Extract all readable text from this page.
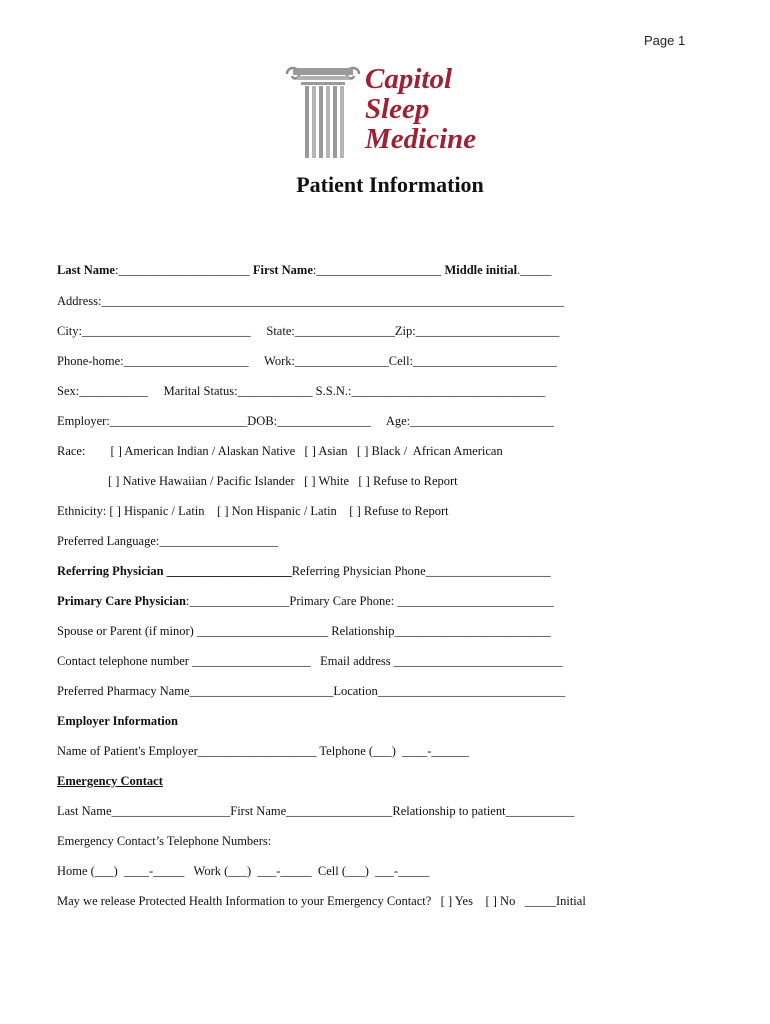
Page 1
Capitol
Sleep
Medicine
Patient Information
Last Name:_____________________ First Name:____________________ Middle initial._____
Address:__________________________________________________________________________
City:___________________________     State:________________Zip:_______________________
Phone-home:____________________     Work:_______________Cell:_______________________
Sex:___________     Marital Status:____________ S.S.N.:_______________________________
Employer:______________________DOB:_______________     Age:_______________________
Race:        [ ] American Indian / Alaskan Native   [ ] Asian   [ ] Black /  African American
[ ] Native Hawaiian / Pacific Islander   [ ] White   [ ] Refuse to Report
Ethnicity: [ ] Hispanic / Latin    [ ] Non Hispanic / Latin    [ ] Refuse to Report
Preferred Language:___________________
Referring Physician ____________________Referring Physician Phone____________________
Primary Care Physician:________________Primary Care Phone: _________________________
Spouse or Parent (if minor) _____________________ Relationship_________________________
Contact telephone number ___________________   Email address ___________________________
Preferred Pharmacy Name_______________________Location______________________________
Employer Information
Name of Patient's Employer___________________ Telphone (___)  ____-______
Emergency Contact
Last Name___________________First Name_________________Relationship to patient___________
Emergency Contact’s Telephone Numbers:
Home (___)  ____-_____   Work (___)  ___-_____  Cell (___)  ___-_____
May we release Protected Health Information to your Emergency Contact?   [ ] Yes    [ ] No   _____Initial
